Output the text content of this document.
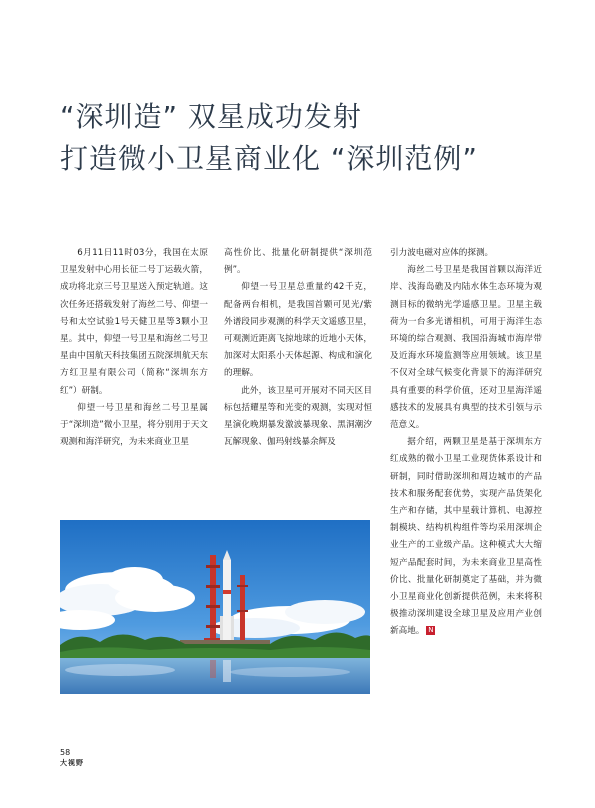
“深圳造” 双星成功发射
打造微小卫星商业化 “深圳范例”

6月11日11时03分，我国在太原卫星发射中心用长征二号丁运载火箭，成功将北京三号卫星送入预定轨道。这次任务还搭载发射了海丝二号、仰望一号和太空试验1号天健卫星等3颗小卫星。其中，仰望一号卫星和海丝二号卫星由中国航天科技集团五院深圳航天东方红卫星有限公司（简称“深圳东方红”）研制。

仰望一号卫星和海丝二号卫星属于“深圳造”微小卫星，将分别用于天文观测和海洋研究，为未来商业卫星

高性价比、批量化研制提供“深圳范例”。

仰望一号卫星总重量约42千克，配备两台相机，是我国首颗可见光/紫外谱段同步观测的科学天文遥感卫星，可观测近距离飞掠地球的近地小天体，加深对太阳系小天体起源、构成和演化的理解。

此外，该卫星可开展对不同天区目标包括耀星等和光变的观测，实现对恒星演化晚期暴发激波暴现象、黑洞潮汐瓦解现象、伽玛射线暴余辉及

引力波电磁对应体的探测。

海丝二号卫星是我国首颗以海洋近岸、浅海岛礁及内陆水体生态环境为观测目标的微纳光学遥感卫星。卫星主载荷为一台多光谱相机，可用于海洋生态环境的综合观测、我国沿海城市海岸带及近海水环境监测等应用领域。该卫星不仅对全球气候变化背景下的海洋研究具有重要的科学价值，还对卫星海洋遥感技术的发展具有典型的技术引领与示范意义。

据介绍，两颗卫星是基于深圳东方红成熟的微小卫星工业现货体系设计和研制，同时借助深圳和周边城市的产品技术和服务配套优势，实现产品货架化生产和存储，其中星载计算机、电源控制模块、结构机构组件等均采用深圳企业生产的工业级产品。这种模式大大缩短产品配套时间，为未来商业卫星高性价比、批量化研制奠定了基础，并为微小卫星商业化创新提供范例，未来将积极推动深圳建设全球卫星及应用产业创新高地。 N

58
大视野
